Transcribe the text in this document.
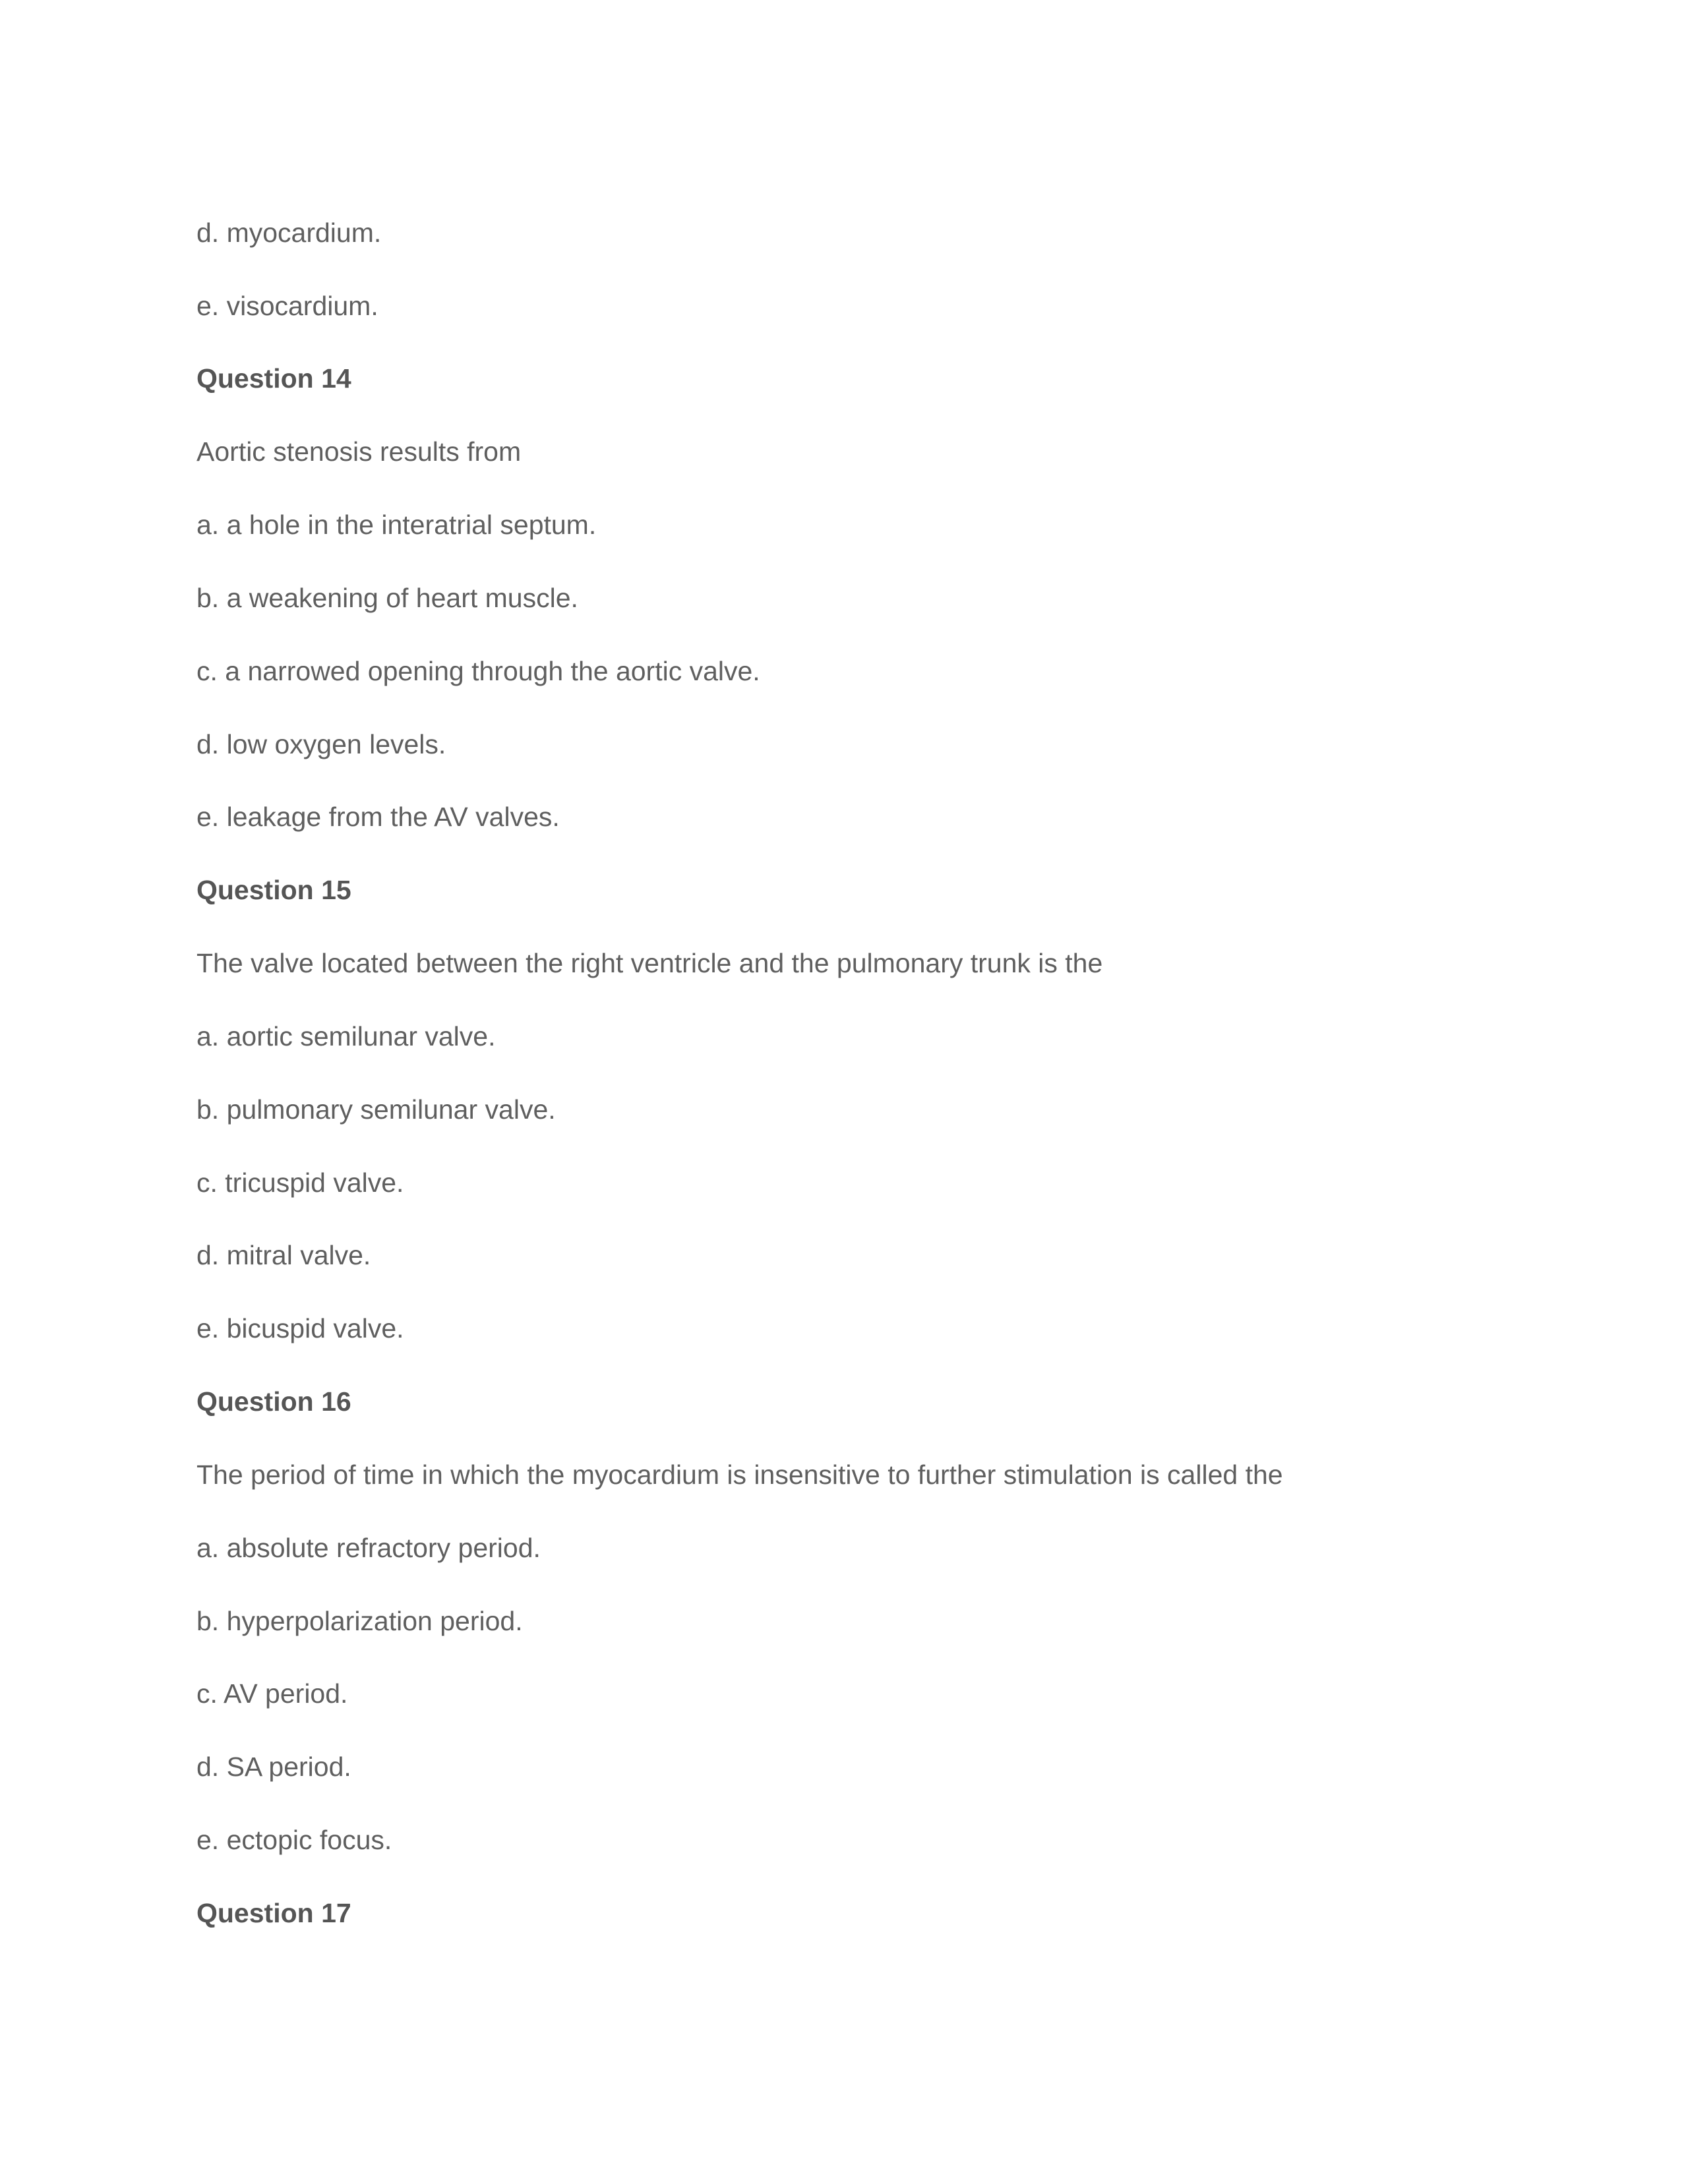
d. myocardium.

e. visocardium.

Question 14

Aortic stenosis results from

a. a hole in the interatrial septum.

b. a weakening of heart muscle.

c. a narrowed opening through the aortic valve.

d. low oxygen levels.

e. leakage from the AV valves.

Question 15

The valve located between the right ventricle and the pulmonary trunk is the

a. aortic semilunar valve.

b. pulmonary semilunar valve.

c. tricuspid valve.

d. mitral valve.

e. bicuspid valve.

Question 16

The period of time in which the myocardium is insensitive to further stimulation is called the

a. absolute refractory period.

b. hyperpolarization period.

c. AV period.

d. SA period.

e. ectopic focus.

Question 17
